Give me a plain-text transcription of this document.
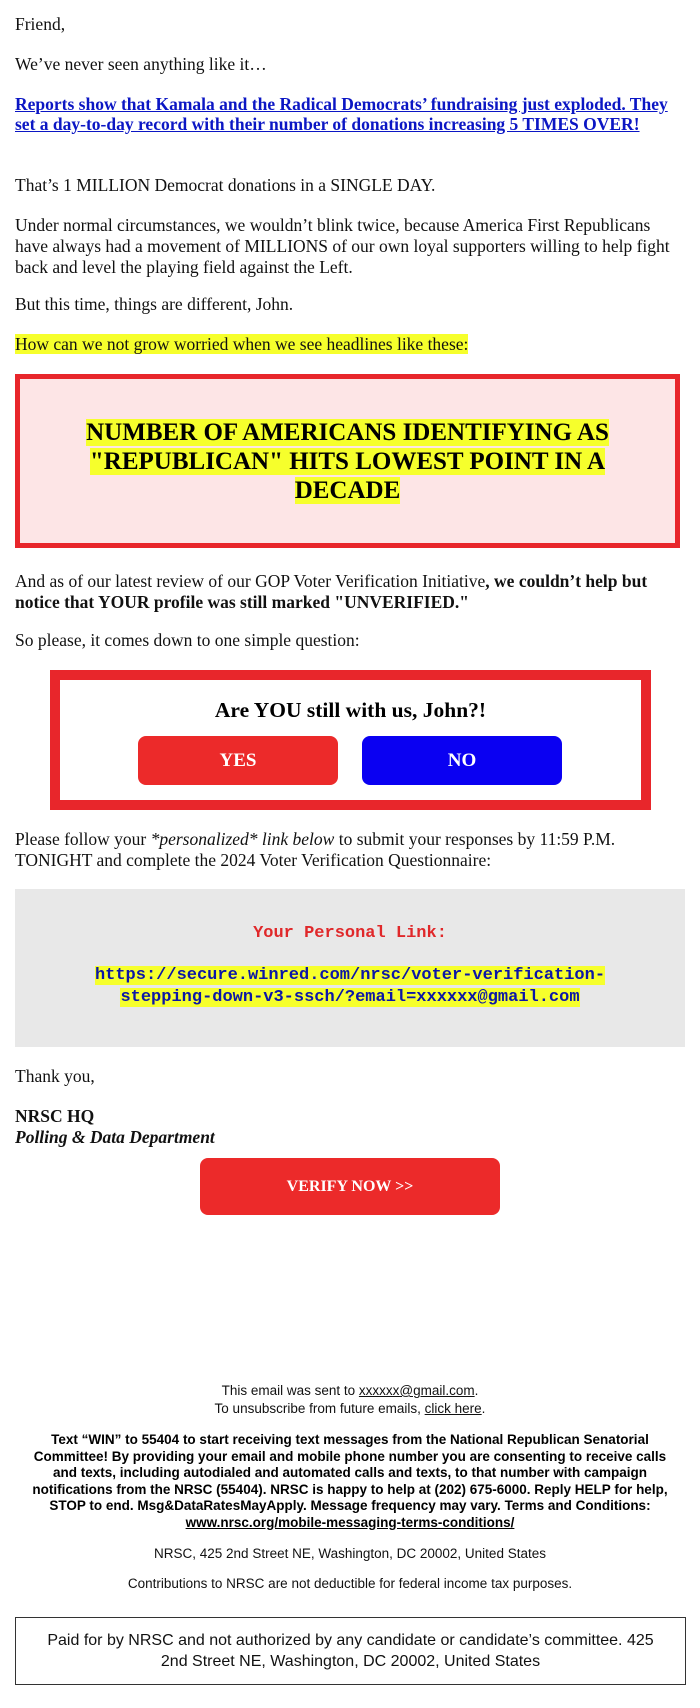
Friend,

We’ve never seen anything like it…

Reports show that Kamala and the Radical Democrats’ fundraising just exploded. They set a day-to-day record with their number of donations increasing 5 TIMES OVER!

That’s 1 MILLION Democrat donations in a SINGLE DAY.

Under normal circumstances, we wouldn’t blink twice, because America First Republicans have always had a movement of MILLIONS of our own loyal supporters willing to help fight back and level the playing field against the Left.

But this time, things are different, John.

How can we not grow worried when we see headlines like these:

NUMBER OF AMERICANS IDENTIFYING AS "REPUBLICAN" HITS LOWEST POINT IN A DECADE

And as of our latest review of our GOP Voter Verification Initiative, we couldn’t help but notice that YOUR profile was still marked "UNVERIFIED."

So please, it comes down to one simple question:

Are YOU still with us, John?!
YES	NO

Please follow your *personalized* link below to submit your responses by 11:59 P.M. TONIGHT and complete the 2024 Voter Verification Questionnaire:

Your Personal Link:
https://secure.winred.com/nrsc/voter-verification-stepping-down-v3-ssch/?email=xxxxxx@gmail.com

Thank you,

NRSC HQ

Polling & Data Department

VERIFY NOW >>
This email was sent to xxxxxx@gmail.com.
To unsubscribe from future emails, click here.
Text “WIN” to 55404 to start receiving text messages from the National Republican Senatorial Committee! By providing your email and mobile phone number you are consenting to receive calls and texts, including autodialed and automated calls and texts, to that number with campaign notifications from the NRSC (55404). NRSC is happy to help at (202) 675-6000. Reply HELP for help, STOP to end. Msg&DataRatesMayApply. Message frequency may vary. Terms and Conditions: www.nrsc.org/mobile-messaging-terms-conditions/
NRSC, 425 2nd Street NE, Washington, DC 20002, United States
Contributions to NRSC are not deductible for federal income tax purposes.
Paid for by NRSC and not authorized by any candidate or candidate’s committee. 425 2nd Street NE, Washington, DC 20002, United States
